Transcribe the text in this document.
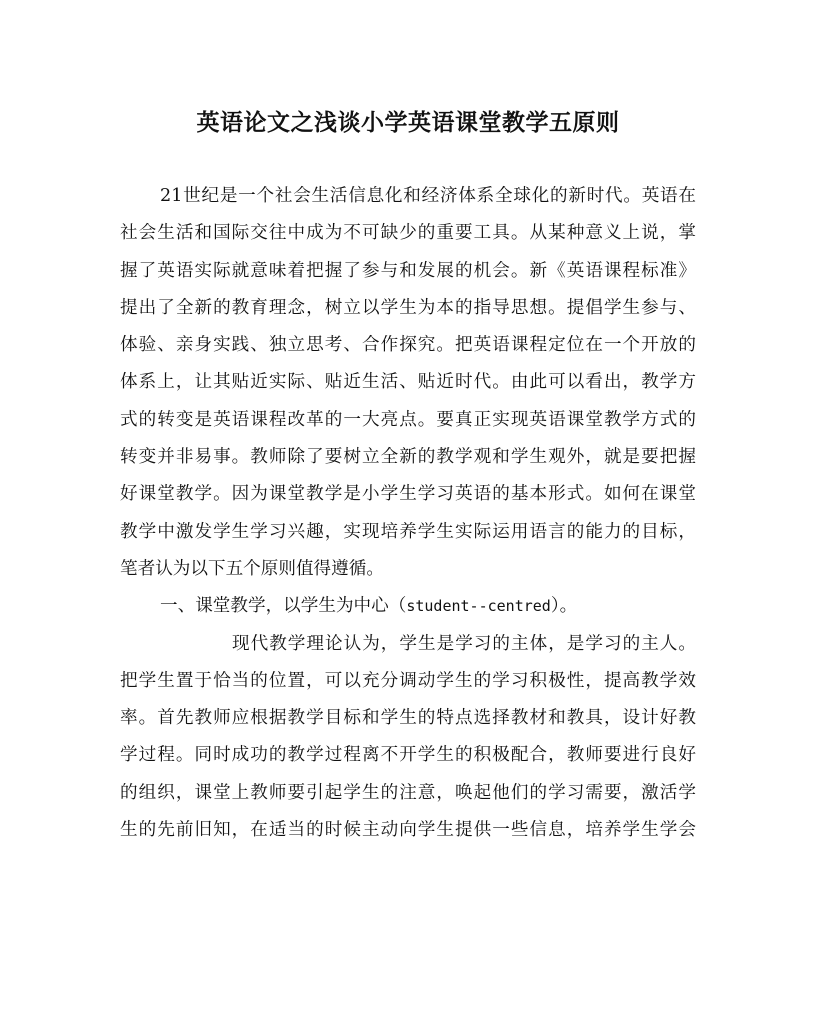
英语论文之浅谈小学英语课堂教学五原则
21世纪是一个社会生活信息化和经济体系全球化的新时代。英语在
社会生活和国际交往中成为不可缺少的重要工具。从某种意义上说，掌
握了英语实际就意味着把握了参与和发展的机会。新《英语课程标准》
提出了全新的教育理念，树立以学生为本的指导思想。提倡学生参与、
体验、亲身实践、独立思考、合作探究。把英语课程定位在一个开放的
体系上，让其贴近实际、贴近生活、贴近时代。由此可以看出，教学方
式的转变是英语课程改革的一大亮点。要真正实现英语课堂教学方式的
转变并非易事。教师除了要树立全新的教学观和学生观外，就是要把握
好课堂教学。因为课堂教学是小学生学习英语的基本形式。如何在课堂
教学中激发学生学习兴趣，实现培养学生实际运用语言的能力的目标，
笔者认为以下五个原则值得遵循。
一、课堂教学，以学生为中心（student--centred）。
现代教学理论认为，学生是学习的主体，是学习的主人。
把学生置于恰当的位置，可以充分调动学生的学习积极性，提高教学效
率。首先教师应根据教学目标和学生的特点选择教材和教具，设计好教
学过程。同时成功的教学过程离不开学生的积极配合，教师要进行良好
的组织，课堂上教师要引起学生的注意，唤起他们的学习需要，激活学
生的先前旧知，在适当的时候主动向学生提供一些信息，培养学生学会
